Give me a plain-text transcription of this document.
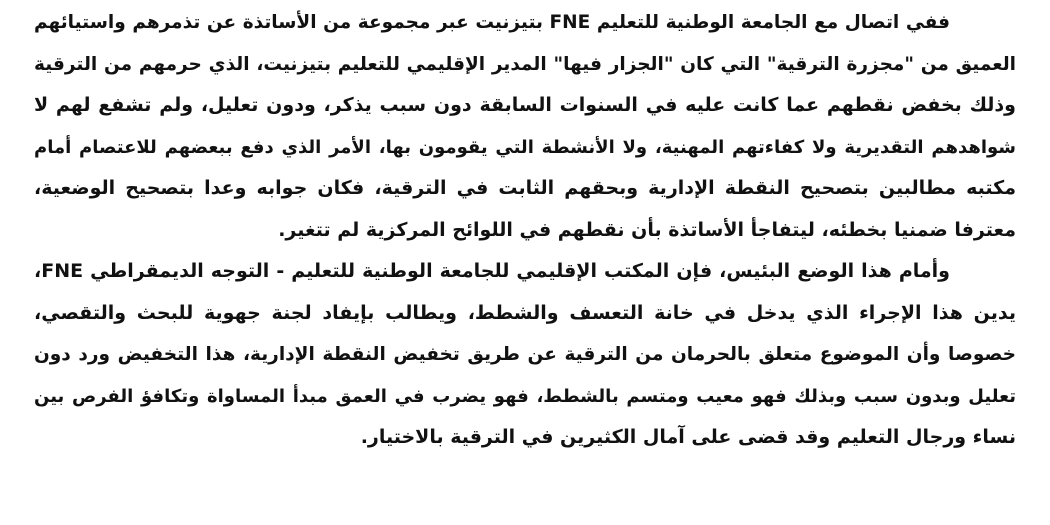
ففي اتصال مع الجامعة الوطنية للتعليم FNE بتيزنيت عبر مجموعة من الأساتذة عن تذمرهم واستيائهم
العميق من "مجزرة الترقية" التي كان "الجزار فيها" المدير الإقليمي للتعليم بتيزنيت، الذي حرمهم من الترقية
وذلك بخفض نقطهم عما كانت عليه في السنوات السابقة دون سبب يذكر، ودون تعليل، ولم تشفع لهم لا
شواهدهم التقديرية ولا كفاءتهم المهنية، ولا الأنشطة التي يقومون بها، الأمر الذي دفع ببعضهم للاعتصام أمام
مكتبه مطالبين بتصحيح النقطة الإدارية وبحقهم الثابت في الترقية، فكان جوابه وعدا بتصحيح الوضعية،
معترفا ضمنيا بخطئه، ليتفاجأ الأساتذة بأن نقطهم في اللوائح المركزية لم تتغير.
وأمام هذا الوضع البئيس، فإن المكتب الإقليمي للجامعة الوطنية للتعليم - التوجه الديمقراطي FNE،
يدين هذا الإجراء الذي يدخل في خانة التعسف والشطط، ويطالب بإيفاد لجنة جهوية للبحث والتقصي،
خصوصا وأن الموضوع متعلق بالحرمان من الترقية عن طريق تخفيض النقطة الإدارية، هذا التخفيض ورد دون
تعليل وبدون سبب وبذلك فهو معيب ومتسم بالشطط، فهو يضرب في العمق مبدأ المساواة وتكافؤ الفرص بين
نساء ورجال التعليم وقد قضى على آمال الكثيرين في الترقية بالاختيار.
